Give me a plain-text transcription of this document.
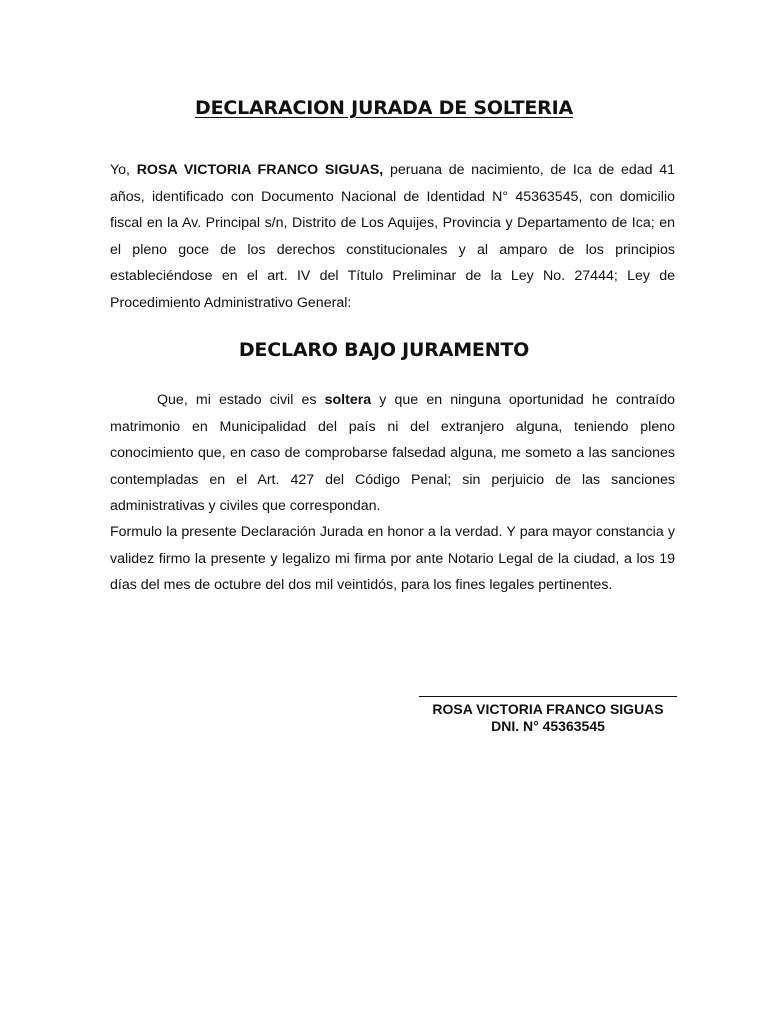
DECLARACION JURADA DE SOLTERIA

Yo, ROSA VICTORIA FRANCO SIGUAS, peruana de nacimiento, de Ica de edad 41 años, identificado con Documento Nacional de Identidad N° 45363545, con domicilio fiscal en la Av. Principal s/n, Distrito de Los Aquijes, Provincia y Departamento de Ica; en el pleno goce de los derechos constitucionales y al amparo de los principios estableciéndose en el art. IV del Título Preliminar de la Ley No. 27444; Ley de Procedimiento Administrativo General:

DECLARO BAJO JURAMENTO

Que, mi estado civil es soltera y que en ninguna oportunidad he contraído matrimonio en Municipalidad del país ni del extranjero alguna, teniendo pleno conocimiento que, en caso de comprobarse falsedad alguna, me someto a las sanciones contempladas en el Art. 427 del Código Penal; sin perjuicio de las sanciones administrativas y civiles que correspondan.

Formulo la presente Declaración Jurada en honor a la verdad. Y para mayor constancia y validez firmo la presente y legalizo mi firma por ante Notario Legal de la ciudad, a los 19 días del mes de octubre del dos mil veintidós, para los fines legales pertinentes.

ROSA VICTORIA FRANCO SIGUAS
DNI. N° 45363545
